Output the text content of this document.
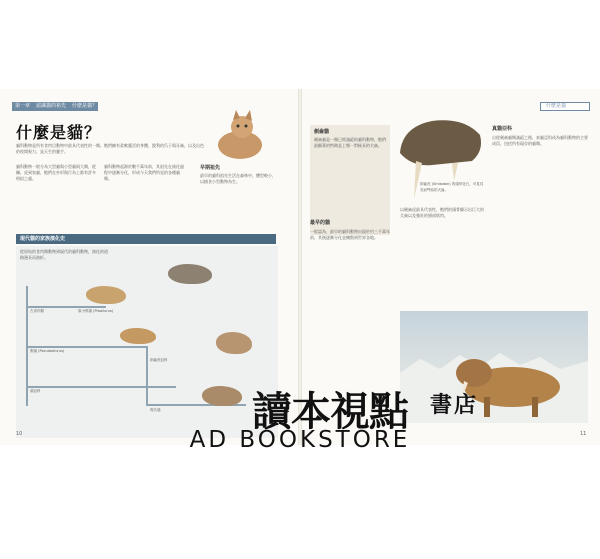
第一章 認識貓的祖先 什麼是貓？	什麼是貓
什麼是貓？
貓科動物是所有食肉目動物中最具代表性的一類。牠們擁有柔軟靈活的身體、銳利的爪子與牙齒，以及出色的夜間視力，是天生的獵手。
貓科動物一般分為大型貓與小型貓兩大類，從獅、虎到家貓，牠們在外形與行為上都有許多相似之處。
貓科動物起源於數千萬年前，其祖先在演化過程中逐漸分化，形成今天我們所見的各種貓類。
早期祖先
最早的貓科祖先生活在森林中，體型較小，以捕食小型動物為生。
現代貓的家族演化史
從原始的食肉類動物到現代的貓科動物，演化的道路漫長而曲折。
古食肉類	原小熊貓 (Proailurus)
假貓 (Pseudaelurus)
劍齒虎亞科
貓亞科
現代貓
10
劍齒貓
劍齒貓是一類已經滅絕的貓科動物，牠們最顯著的特徵是上顎一對極長的犬齒。
劍齒虎 (Smilodon) 的頭骨化石，可見其長而彎曲的犬齒。
以劍齒虎最具代表性，牠們的頭骨顯示出巨大的犬齒以及強壯的頸部肌肉。
最早的貓
一般認為，最早的貓科動物出現於約三千萬年前，其後逐漸分化並擴散到世界各地。
真貓亞科
自從劍齒貓類滅絕之後，真貓亞科成為貓科動物的主要成員，包括所有現存的貓類。
11
讀本視點 書店
AD BOOKSTORE
